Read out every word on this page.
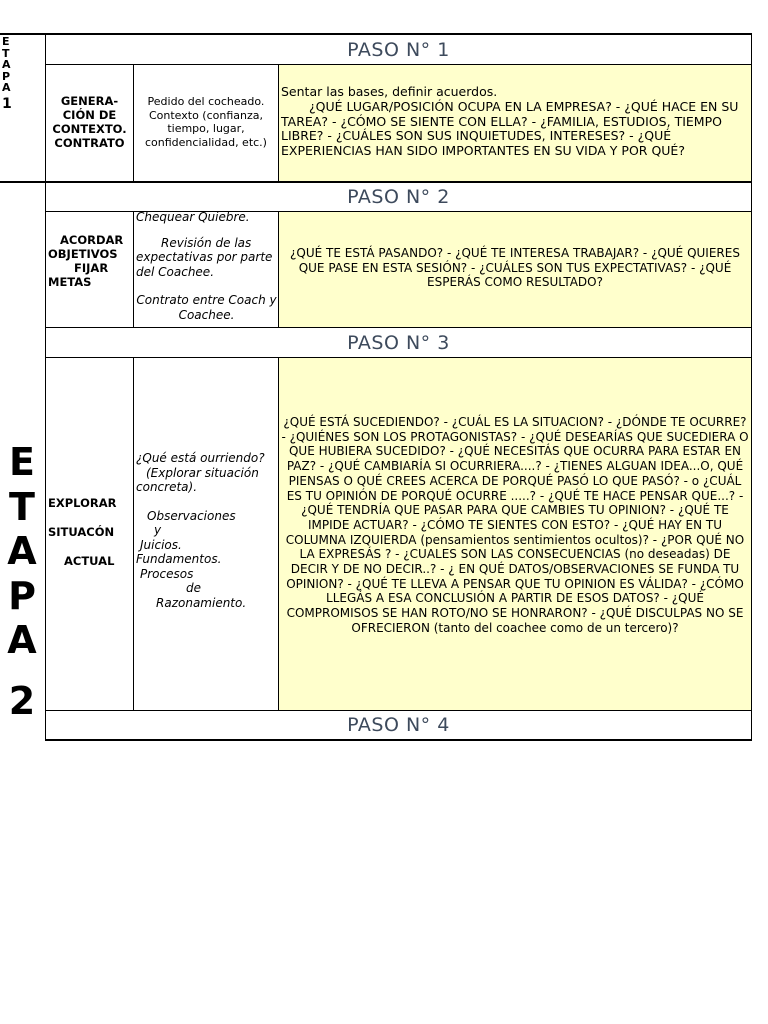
E
T
A
P
A
1
E
T
A
P
A
2
PASO N° 1
GENERA-
CIÓN DE
CONTEXTO.
CONTRATO
Pedido del cocheado.
Contexto (confianza,
tiempo, lugar,
confidencialidad, etc.)
Sentar las bases, definir acuerdos.
¿QUÉ LUGAR/POSICIÓN OCUPA EN LA EMPRESA? - ¿QUÉ HACE EN SU TAREA? - ¿CÓMO SE SIENTE CON ELLA? - ¿FAMILIA, ESTUDIOS, TIEMPO LIBRE? - ¿CUÁLES SON SUS INQUIETUDES, INTERESES? - ¿QUÉ EXPERIENCIAS HAN SIDO IMPORTANTES EN SU VIDA Y POR QUÉ?
PASO N° 2
ACORDAR
OBJETIVOS
FIJAR
METAS
Chequear Quiebre.
Revisión de las expectativas por parte del Coachee.
Contrato entre Coach y Coachee.
¿QUÉ TE ESTÁ PASANDO? - ¿QUÉ TE INTERESA TRABAJAR? - ¿QUÉ QUIERES QUE PASE EN ESTA SESIÓN? - ¿CUÁLES SON TUS EXPECTATIVAS? - ¿QUÉ ESPERÁS COMO RESULTADO?
PASO N° 3
EXPLORAR
SITUACÓN
ACTUAL
¿Qué está ourriendo?
(Explorar situación concreta).
Observaciones
y
Juicios.
Fundamentos.
Procesos
de
Razonamiento.
¿QUÉ ESTÁ SUCEDIENDO? - ¿CUÁL ES LA SITUACION? - ¿DÓNDE TE OCURRE? - ¿QUIÉNES SON LOS PROTAGONISTAS? - ¿QUÉ DESEARÍAS QUE SUCEDIERA O QUE HUBIERA SUCEDIDO? - ¿QUÉ NECESITÁS QUE OCURRA PARA ESTAR EN PAZ? - ¿QUÉ CAMBIARÍA SI OCURRIERA....? - ¿TIENES ALGUAN IDEA...O, QUÉ PIENSAS O QUÉ CREES ACERCA DE PORQUÉ PASÓ LO QUE PASÓ? - o ¿CUÁL ES TU OPINIÓN DE PORQUÉ OCURRE .....? - ¿QUÉ TE HACE PENSAR QUE...? - ¿QUÉ TENDRÍA QUE PASAR PARA QUE CAMBIES TU OPINION? - ¿QUÉ TE IMPIDE ACTUAR? - ¿CÓMO TE SIENTES CON ESTO? - ¿QUÉ HAY EN TU COLUMNA IZQUIERDA (pensamientos sentimientos ocultos)? - ¿POR QUÉ NO LA EXPRESÁS ? - ¿CUALES SON LAS CONSECUENCIAS (no deseadas) DE DECIR Y DE NO DECIR..? - ¿ EN QUÉ DATOS/OBSERVACIONES SE FUNDA TU OPINION? - ¿QUÉ TE LLEVA A PENSAR QUE TU OPINION ES VÁLIDA? - ¿CÓMO LLEGÁS A ESA CONCLUSIÓN A PARTIR DE ESOS DATOS? - ¿QUÉ COMPROMISOS SE HAN ROTO/NO SE HONRARON? - ¿QUÉ DISCULPAS NO SE OFRECIERON (tanto del coachee como de un tercero)?
PASO N° 4
